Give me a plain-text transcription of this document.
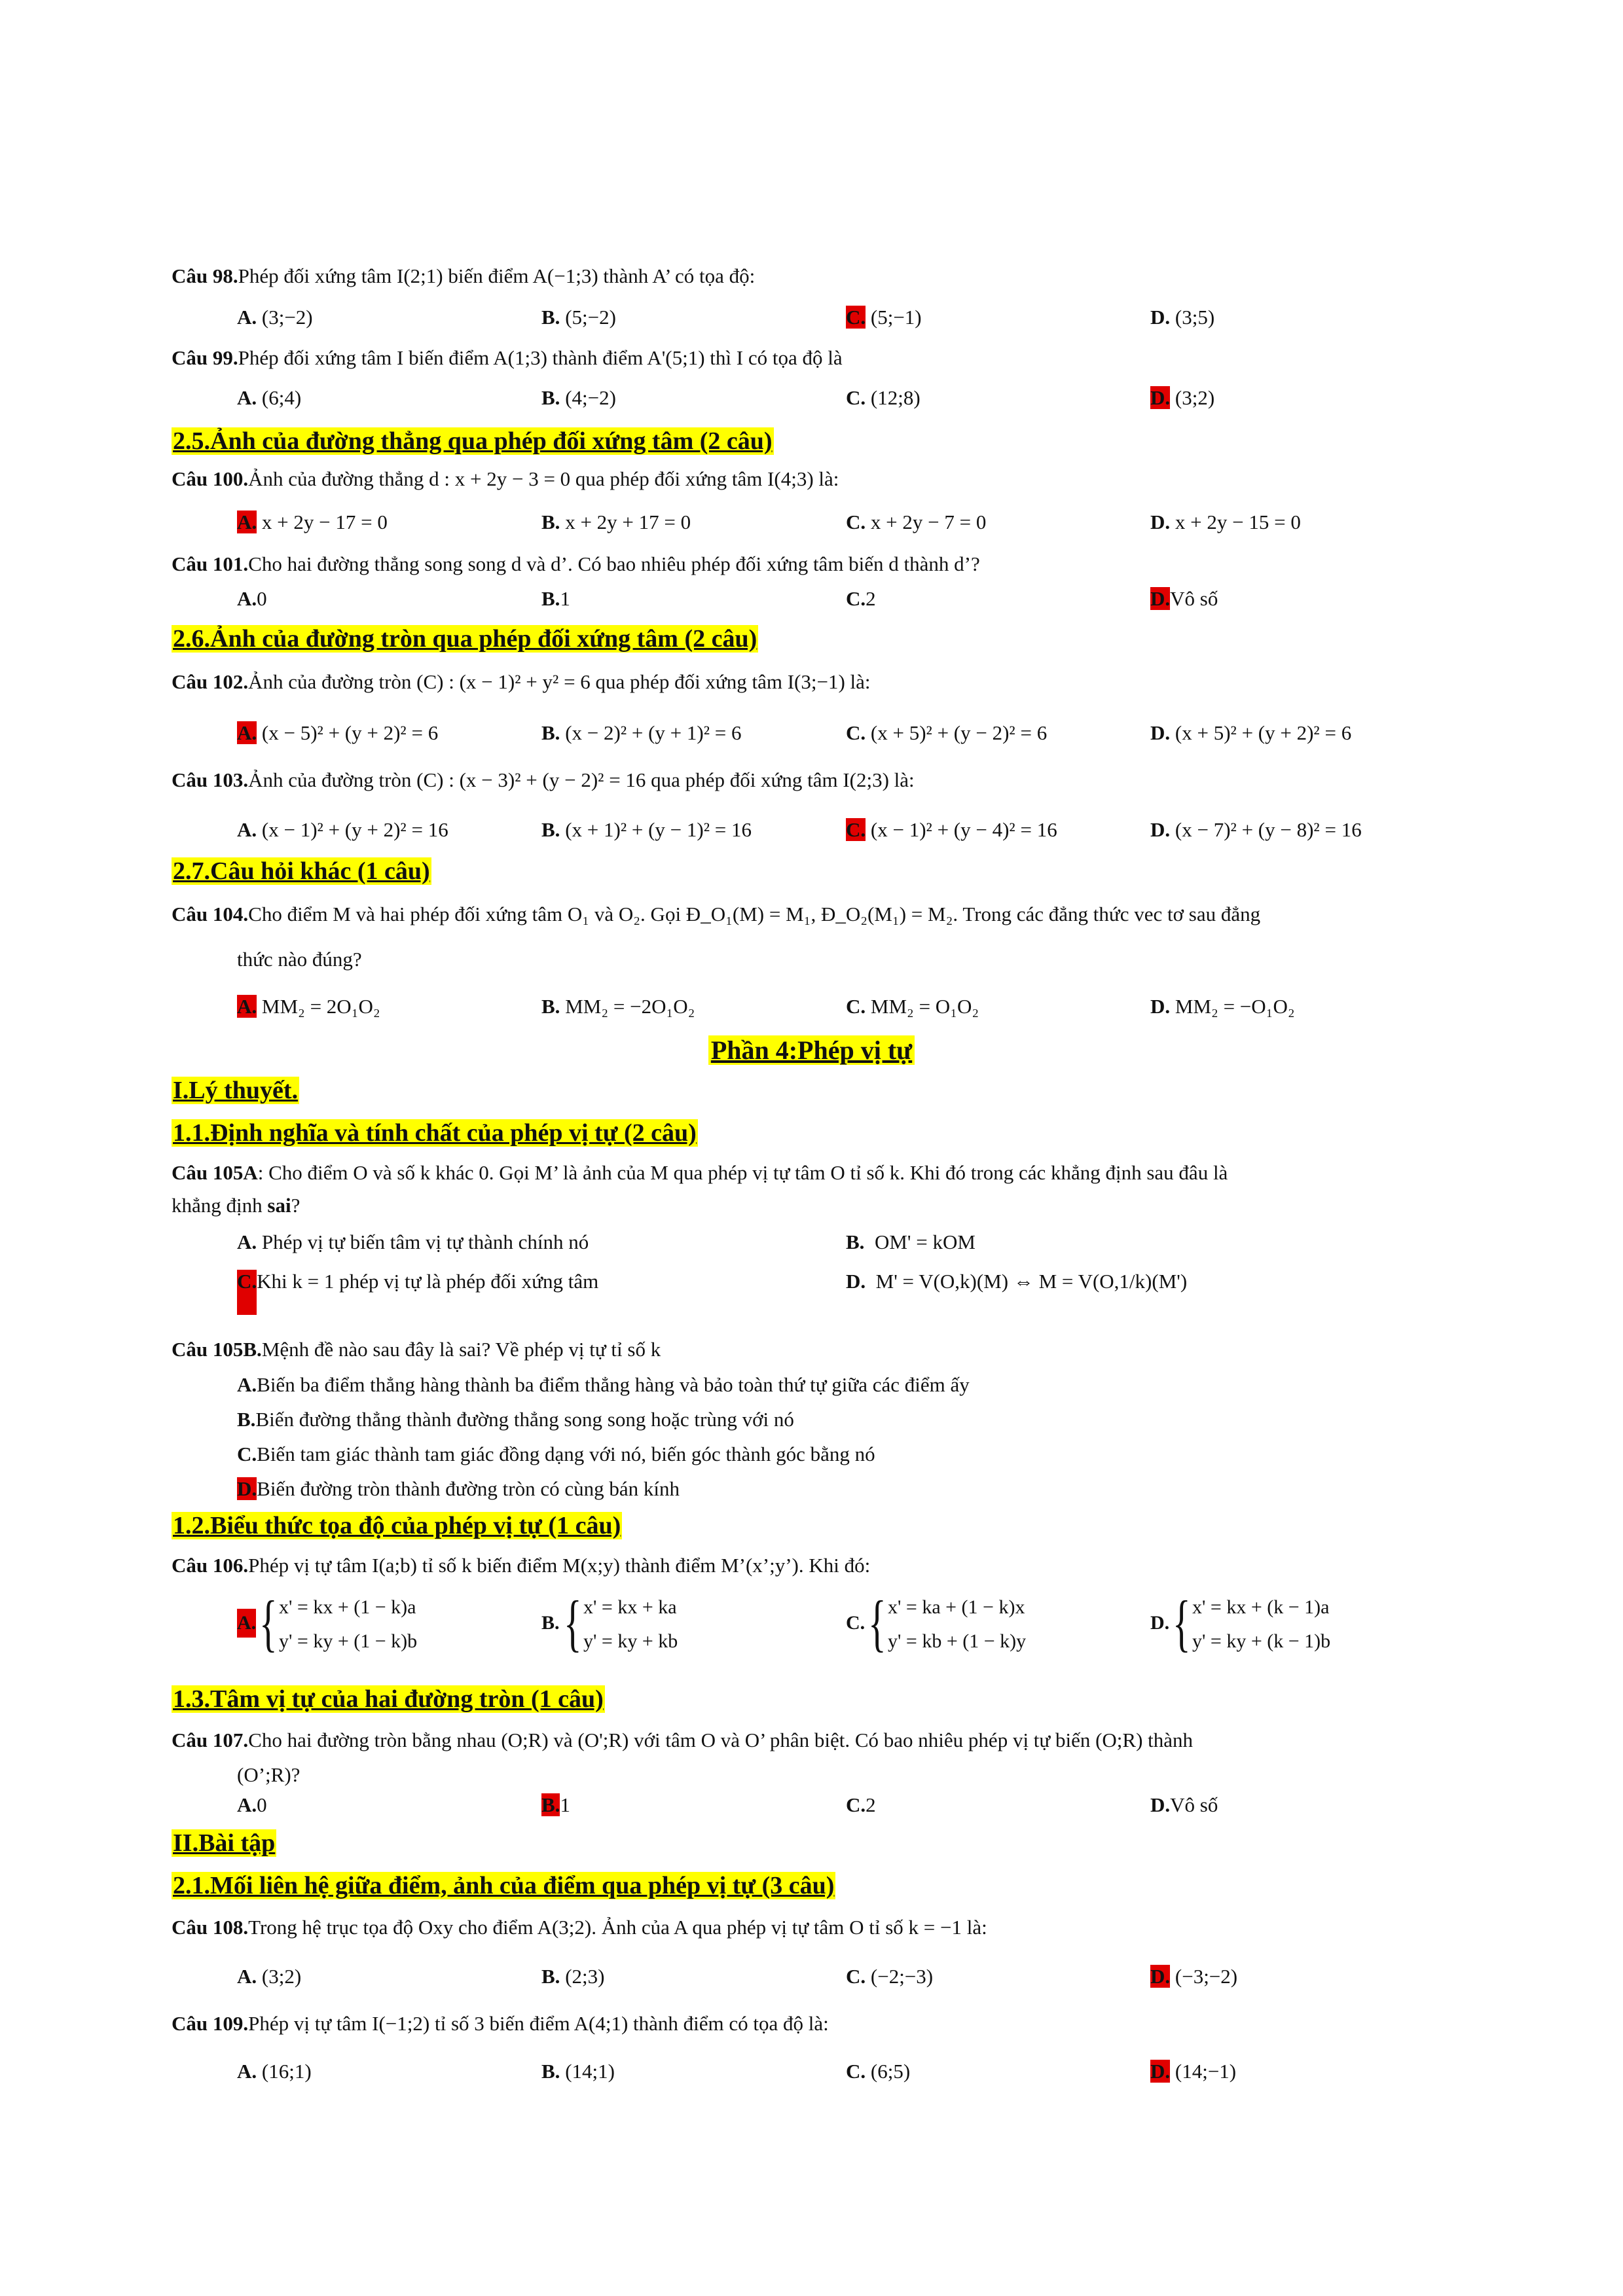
Câu 98.Phép đối xứng tâm I(2;1) biến điểm A(−1;3) thành A’ có tọa độ:
A. (3;−2)	B. (5;−2)	C. (5;−1)	D. (3;5)
Câu 99.Phép đối xứng tâm I biến điểm A(1;3) thành điểm A'(5;1) thì I có tọa độ là
A. (6;4)	B. (4;−2)	C. (12;8)	D. (3;2)
2.5.Ảnh của đường thẳng qua phép đối xứng tâm (2 câu)
Câu 100.Ảnh của đường thẳng d : x + 2y − 3 = 0 qua phép đối xứng tâm I(4;3) là:
A. x + 2y − 17 = 0	B. x + 2y + 17 = 0	C. x + 2y − 7 = 0	D. x + 2y − 15 = 0
Câu 101.Cho hai đường thẳng song song d và d’. Có bao nhiêu phép đối xứng tâm biến d thành d’?
A.0	B.1	C.2	D.Vô số
2.6.Ảnh của đường tròn qua phép đối xứng tâm (2 câu)
Câu 102.Ảnh của đường tròn (C) : (x − 1)² + y² = 6 qua phép đối xứng tâm I(3;−1) là:
A. (x − 5)² + (y + 2)² = 6	B. (x − 2)² + (y + 1)² = 6	C. (x + 5)² + (y − 2)² = 6	D. (x + 5)² + (y + 2)² = 6
Câu 103.Ảnh của đường tròn (C) : (x − 3)² + (y − 2)² = 16 qua phép đối xứng tâm I(2;3) là:
A. (x − 1)² + (y + 2)² = 16	B. (x + 1)² + (y − 1)² = 16	C. (x − 1)² + (y − 4)² = 16	D. (x − 7)² + (y − 8)² = 16
2.7.Câu hỏi khác (1 câu)
Câu 104.Cho điểm M và hai phép đối xứng tâm O₁ và O₂. Gọi Đ_O₁(M) = M₁, Đ_O₂(M₁) = M₂. Trong các đẳng thức vec tơ sau đẳng
thức nào đúng?
A. MM₂ = 2O₁O₂	B. MM₂ = −2O₁O₂	C. MM₂ = O₁O₂	D. MM₂ = −O₁O₂
Phần 4:Phép vị tự
I.Lý thuyết.
1.1.Định nghĩa và tính chất của phép vị tự (2 câu)
Câu 105A: Cho điểm O và số k khác 0. Gọi M’ là ảnh của M qua phép vị tự tâm O tỉ số k. Khi đó trong các khẳng định sau đâu là
khẳng định sai?
A. Phép vị tự biến tâm vị tự thành chính nó	B. OM' = kOM
C.Khi k = 1 phép vị tự là phép đối xứng tâm	D. M' = V(O,k)(M) ⇔ M = V(O,1/k)(M')
Câu 105B.Mệnh đề nào sau đây là sai? Về phép vị tự tỉ số k
A.Biến ba điểm thẳng hàng thành ba điểm thẳng hàng và bảo toàn thứ tự giữa các điểm ấy
B.Biến đường thẳng thành đường thẳng song song hoặc trùng với nó
C.Biến tam giác thành tam giác đồng dạng với nó, biến góc thành góc bằng nó
D.Biến đường tròn thành đường tròn có cùng bán kính
1.2.Biểu thức tọa độ của phép vị tự (1 câu)
Câu 106.Phép vị tự tâm I(a;b) tỉ số k biến điểm M(x;y) thành điểm M’(x’;y’). Khi đó:
A. { x' = kx + (1 − k)a
y' = ky + (1 − k)b
B. { x' = kx + ka
y' = ky + kb
C. { x' = ka + (1 − k)x
y' = kb + (1 − k)y
D. { x' = kx + (k − 1)a
y' = ky + (k − 1)b
1.3.Tâm vị tự của hai đường tròn (1 câu)
Câu 107.Cho hai đường tròn bằng nhau (O;R) và (O';R) với tâm O và O’ phân biệt. Có bao nhiêu phép vị tự biến (O;R) thành
(O’;R)?
A.0	B.1	C.2	D.Vô số
II.Bài tập
2.1.Mối liên hệ giữa điểm, ảnh của điểm qua phép vị tự (3 câu)
Câu 108.Trong hệ trục tọa độ Oxy cho điểm A(3;2). Ảnh của A qua phép vị tự tâm O tỉ số k = −1 là:
A. (3;2)	B. (2;3)	C. (−2;−3)	D. (−3;−2)
Câu 109.Phép vị tự tâm I(−1;2) tỉ số 3 biến điểm A(4;1) thành điểm có tọa độ là:
A. (16;1)	B. (14;1)	C. (6;5)	D. (14;−1)
